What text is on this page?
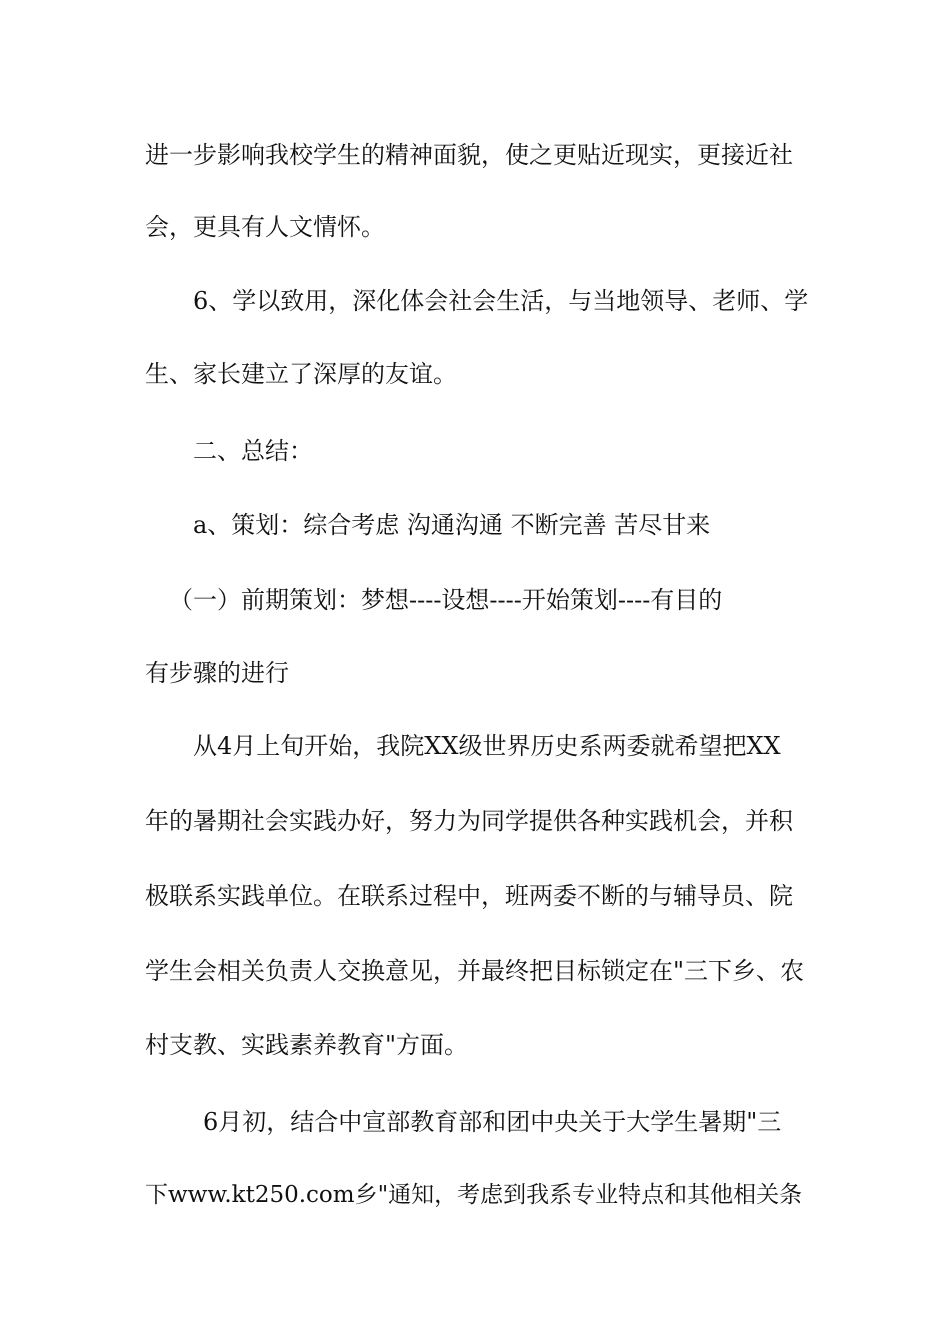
进一步影响我校学生的精神面貌，使之更贴近现实，更接近社
会，更具有人文情怀。
6、学以致用，深化体会社会生活，与当地领导、老师、学
生、家长建立了深厚的友谊。
二、总结：
a、策划：综合考虑 沟通沟通 不断完善 苦尽甘来
（一）前期策划：梦想----设想----开始策划----有目的
有步骤的进行
从4月上旬开始，我院XX级世界历史系两委就希望把XX
年的暑期社会实践办好，努力为同学提供各种实践机会，并积
极联系实践单位。在联系过程中，班两委不断的与辅导员、院
学生会相关负责人交换意见，并最终把目标锁定在"三下乡、农
村支教、实践素养教育"方面。
6月初，结合中宣部教育部和团中央关于大学生暑期"三
下www.kt250.com乡"通知，考虑到我系专业特点和其他相关条
